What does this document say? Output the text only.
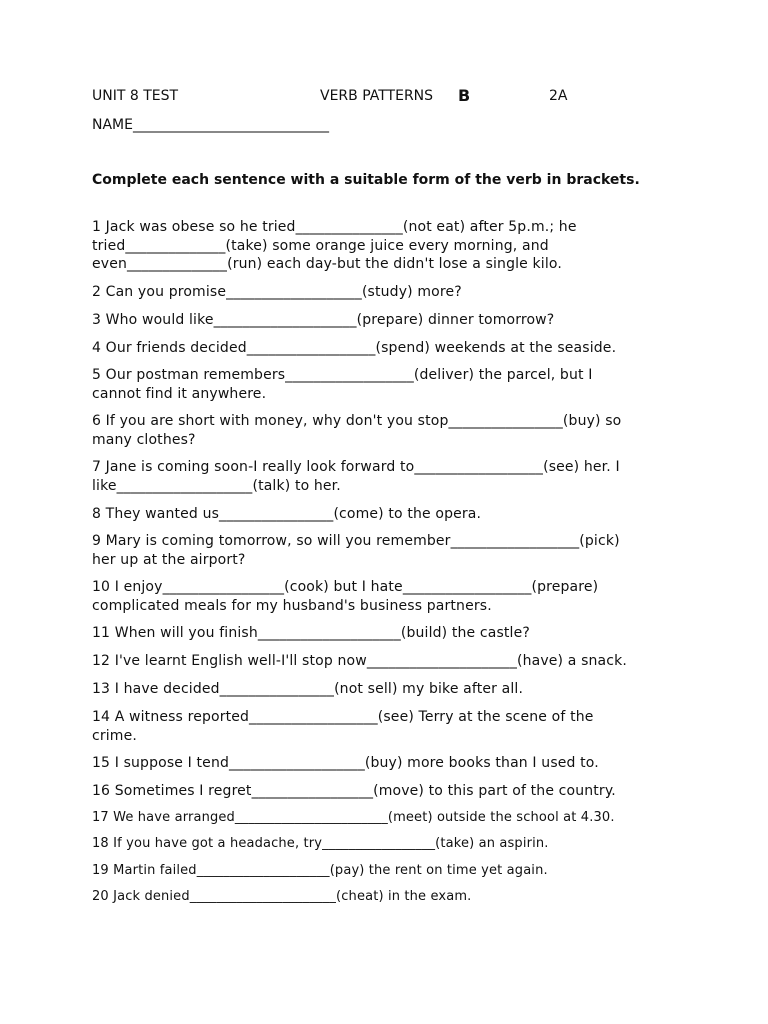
UNIT 8 TEST	VERB PATTERNS B	2A
NAME____________________________
Complete each sentence with a suitable form of the verb in brackets.
1 Jack was obese so he tried_______________(not eat) after 5p.m.; he
tried______________(take) some orange juice every morning, and
even______________(run) each day-but the didn't lose a single kilo.
2 Can you promise___________________(study) more?
3 Who would like____________________(prepare) dinner tomorrow?
4 Our friends decided__________________(spend) weekends at the seaside.
5 Our postman remembers__________________(deliver) the parcel, but I
cannot find it anywhere.
6 If you are short with money, why don't you stop________________(buy) so
many clothes?
7 Jane is coming soon-I really look forward to__________________(see) her. I
like___________________(talk) to her.
8 They wanted us________________(come) to the opera.
9 Mary is coming tomorrow, so will you remember__________________(pick)
her up at the airport?
10 I enjoy_________________(cook) but I hate__________________(prepare)
complicated meals for my husband's business partners.
11 When will you finish____________________(build) the castle?
12 I've learnt English well-I'll stop now_____________________(have) a snack.
13 I have decided________________(not sell) my bike after all.
14 A witness reported__________________(see) Terry at the scene of the
crime.
15 I suppose I tend___________________(buy) more books than I used to.
16 Sometimes I regret_________________(move) to this part of the country.
17 We have arranged_______________________(meet) outside the school at 4.30.
18 If you have got a headache, try_________________(take) an aspirin.
19 Martin failed____________________(pay) the rent on time yet again.
20 Jack denied______________________(cheat) in the exam.
